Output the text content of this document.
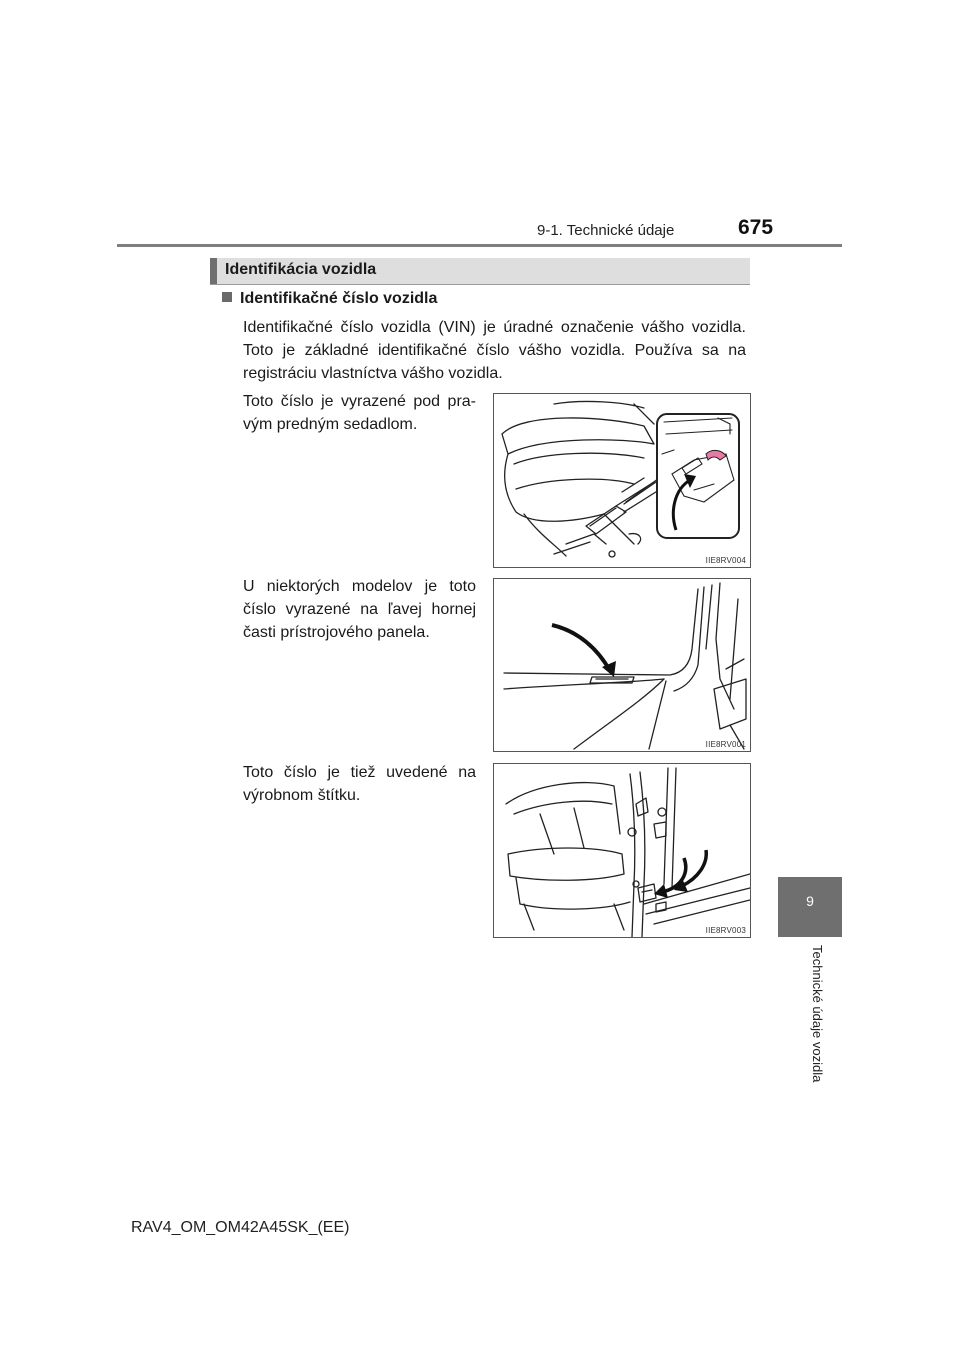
9-1. Technické údaje	675
Identifikácia vozidla
Identifikačné číslo vozidla
Identifikačné číslo vozidla (VIN) je úradné označenie vášho vozidla. Toto je základné identifikačné číslo vášho vozidla. Používa sa na registráciu vlastníctva vášho vozidla.
Toto číslo je vyrazené pod pra-vým predným sedadlom.
U niektorých modelov je toto číslo vyrazené na ľavej hornej časti prístrojového panela.
Toto číslo je tiež uvedené na výrobnom štítku.
IIE8RV004
IIE8RV001
IIE8RV003
9
Technické údaje vozidla
RAV4_OM_OM42A45SK_(EE)
